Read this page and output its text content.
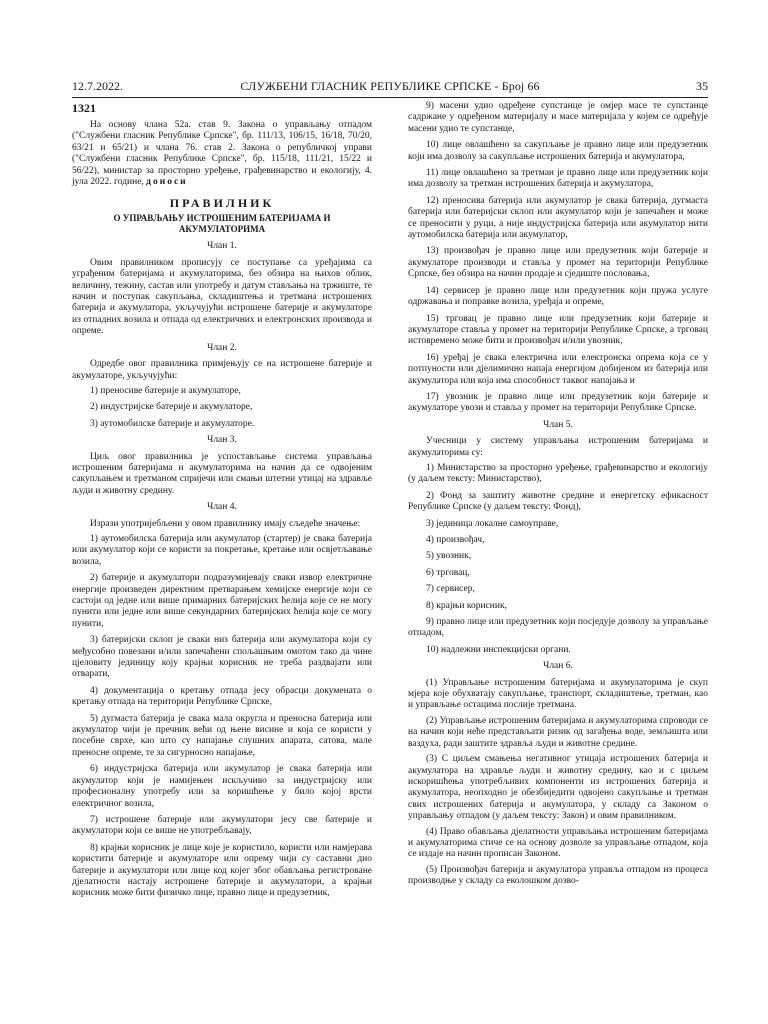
12.7.2022.	СЛУЖБЕНИ ГЛАСНИК РЕПУБЛИКЕ СРПСКЕ - Број 66	35
1321

На основу члана 52а. став 9. Закона о управљању отпадом ("Службени гласник Републике Српске", бр. 111/13, 106/15, 16/18, 70/20, 63/21 и 65/21) и члана 76. став 2. Закона о републичкој управи ("Службени гласник Републике Српске", бр. 115/18, 111/21, 15/22 и 56/22), министар за просторно уређење, грађевинарство и екологију, 4. јула 2022. године, доноси

ПРАВИЛНИК
О УПРАВЉАЊУ ИСТРОШЕНИМ БАТЕРИЈАМА И АКУМУЛАТОРИМА
Члан 1.

Овим правилником прописују се поступање са уређајима са уграђеним батеријама и акумулаторима, без обзира на њихов облик, величину, тежину, састав или употребу и датум стављања на тржиште, те начин и поступак сакупљања, складиштења и третмана истрошених батерија и акумулатора, укључујући истрошене батерије и акумулаторе из отпадних возила и отпада од електричних и електронских производа и опреме.

Члан 2.

Одредбе овог правилника примјењују се на истрошене батерије и акумулаторе, укључујући:

1) преносиве батерије и акумулаторе,

2) индустријске батерије и акумулаторе,

3) аутомобилске батерије и акумулаторе.

Члан 3.

Циљ овог правилника је успостављање система управљања истрошеним батеријама и акумулаторима на начин да се одвојеним сакупљањем и третманом спријечи или смањи штетни утицај на здравље људи и животну средину.

Члан 4.

Изрази употријебљени у овом правилнику имају сљедеће значење:

1) аутомобилска батерија или акумулатор (стартер) је свака батерија или акумулатор који се користи за покретање, кретање или освјетљавање возила,

2) батерије и акумулатори подразумијевају сваки извор електричне енергије произведен директним претварањем хемијске енергије који се састоји од једне или више примарних батеријских ћелија које се не могу пунити или једне или више секундарних батеријских ћелија које се могу пунити,

3) батеријски склоп је сваки низ батерија или акумулатора који су међусобно повезани и/или запечаћени спољашњим омотом тако да чине цјеловиту јединицу коју крајњи корисник не треба раздвајати или отварати,

4) документација о кретању отпада јесу обрасци докумената о кретању отпада на територији Републике Српске,

5) дугмаста батерија је свака мала округла и преносна батерија или акумулатор чији је пречник већи од њене висине и која се користи у посебне сврхе, као што су напајање слушних апарата, сатова, мале преносне опреме, те за сигурносно напајање,

6) индустријска батерија или акумулатор је свака батерија или акумулатор који је намијењен искључиво за индустријску или професионалну употребу или за коришћење у било којој врсти електричног возила,

7) истрошене батерије или акумулатори јесу све батерије и акумулатори који се више не употребљавају,

8) крајњи корисник је лице које је користило, користи или намјерава користити батерије и акумулаторе или опрему чији су саставни дио батерије и акумулатори или лице код којег због обављања регистроване дјелатности настају истрошене батерије и акумулатори, а крајњи корисник може бити физичко лице, правно лице и предузетник,

9) масени удио одређене супстанце је омјер масе те супстанце садржане у одређеном материјалу и масе материјала у којем се одређује масени удио те супстанце,

10) лице овлашћено за сакупљање је правно лице или предузетник који има дозволу за сакупљање истрошених батерија и акумулатора,

11) лице овлашћено за третман је правно лице или предузетник који има дозволу за третман истрошених батерија и акумулатора,

12) преносива батерија или акумулатор је свака батерија, дугмаста батерија или батеријски склоп или акумулатор који је запечаћен и може се преносити у руци, а није индустријска батерија или акумулатор нити аутомобилска батерија или акумулатор,

13) произвођач је правно лице или предузетник који батерије и акумулаторе производи и ставља у промет на територији Републике Српске, без обзира на начин продаје и сједиште пословања,

14) сервисер је правно лице или предузетник који пружа услуге одржавања и поправке возила, уређаја и опреме,

15) трговац је правно лице или предузетник који батерије и акумулаторе ставља у промет на територији Републике Српске, а трговац истовремено може бити и произвођач и/или увозник,

16) уређај је свака електрична или електронска опрема која се у потпуности или дјелимично напаја енергијом добијеном из батерија или акумулатора или која има способност таквог напајања и

17) увозник је правно лице или предузетник који батерије и акумулаторе увози и ставља у промет на територији Републике Српске.

Члан 5.

Учесници у систему управљања истрошеним батеријама и акумулаторима су:

1) Министарство за просторно уређење, грађевинарство и екологију (у даљем тексту: Министарство),

2) Фонд за заштиту животне средине и енергетску ефикасност Републике Српске (у даљем тексту: Фонд),

3) јединица локалне самоуправе,

4) произвођач,

5) увозник,

6) трговац,

7) сервисер,

8) крајњи корисник,

9) правно лице или предузетник који посједује дозволу за управљање отпадом,

10) надлежни инспекцијски органи.

Члан 6.

(1) Управљање истрошеним батеријама и акумулаторима је скуп мјера које обухватају сакупљање, транспорт, складиштење, третман, као и управљање остацима послије третмана.

(2) Управљање истрошеним батеријама и акумулаторима спроводи се на начин који неће представљати ризик од загађења воде, земљишта или ваздуха, ради заштите здравља људи и животне средине.

(3) С циљем смањења негативног утицаја истрошених батерија и акумулатора на здравље људи и животну средину, као и с циљем искоришћења употребљивих компоненти из истрошених батерија и акумулатора, неопходно је обезбиједити одвојено сакупљање и третман свих истрошених батерија и акумулатора, у складу са Законом о управљању отпадом (у даљем тексту: Закон) и овим правилником.

(4) Право обављања дјелатности управљања истрошеним батеријама и акумулаторима стиче се на основу дозволе за управљање отпадом, која се издаје на начин прописан Законом.

(5) Произвођач батерија и акумулатора управља отпадом из процеса производње у складу са еколошком дозво-
